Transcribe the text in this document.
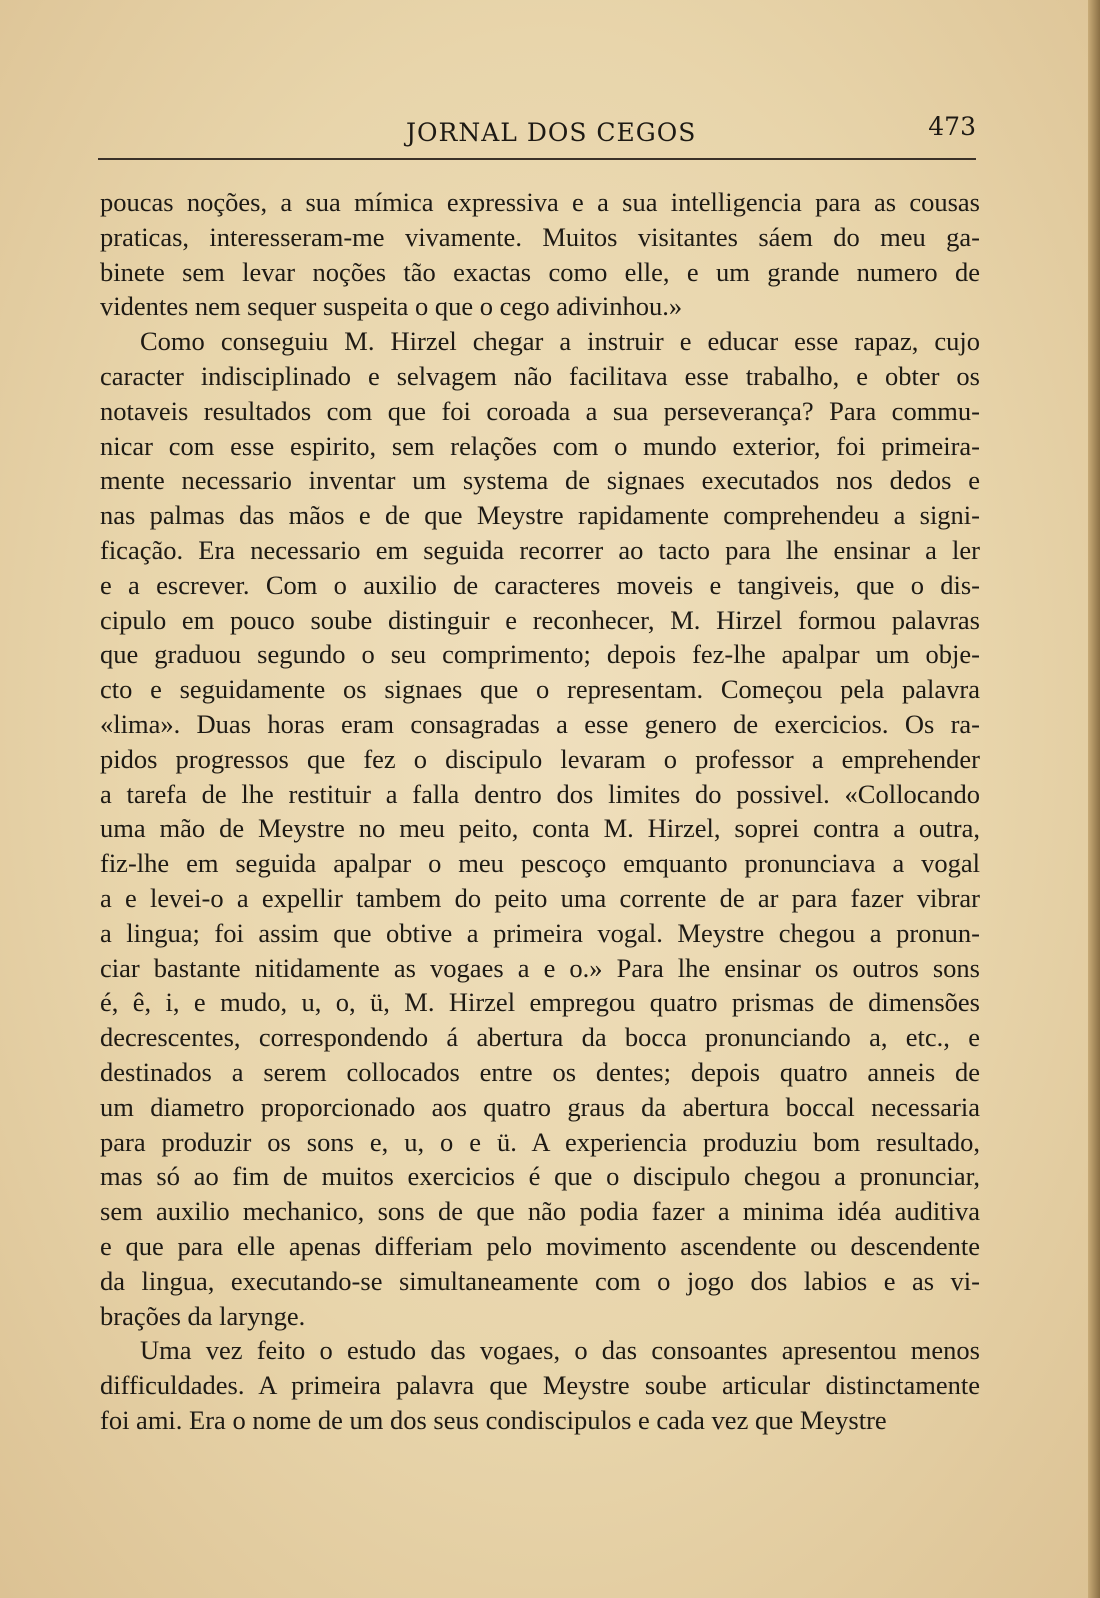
JORNAL DOS CEGOS	473
poucas noções, a sua mímica expressiva e a sua intelligencia para as cousas
praticas, interesseram-me vivamente. Muitos visitantes sáem do meu ga-
binete sem levar noções tão exactas como elle, e um grande numero de
videntes nem sequer suspeita o que o cego adivinhou.»
Como conseguiu M. Hirzel chegar a instruir e educar esse rapaz, cujo
caracter indisciplinado e selvagem não facilitava esse trabalho, e obter os
notaveis resultados com que foi coroada a sua perseverança? Para commu-
nicar com esse espirito, sem relações com o mundo exterior, foi primeira-
mente necessario inventar um systema de signaes executados nos dedos e
nas palmas das mãos e de que Meystre rapidamente comprehendeu a signi-
ficação. Era necessario em seguida recorrer ao tacto para lhe ensinar a ler
e a escrever. Com o auxilio de caracteres moveis e tangiveis, que o dis-
cipulo em pouco soube distinguir e reconhecer, M. Hirzel formou palavras
que graduou segundo o seu comprimento; depois fez-lhe apalpar um obje-
cto e seguidamente os signaes que o representam. Começou pela palavra
«lima». Duas horas eram consagradas a esse genero de exercicios. Os ra-
pidos progressos que fez o discipulo levaram o professor a emprehender
a tarefa de lhe restituir a falla dentro dos limites do possivel. «Collocando
uma mão de Meystre no meu peito, conta M. Hirzel, soprei contra a outra,
fiz-lhe em seguida apalpar o meu pescoço emquanto pronunciava a vogal
a e levei-o a expellir tambem do peito uma corrente de ar para fazer vibrar
a lingua; foi assim que obtive a primeira vogal. Meystre chegou a pronun-
ciar bastante nitidamente as vogaes a e o.» Para lhe ensinar os outros sons
é, ê, i, e mudo, u, o, ü, M. Hirzel empregou quatro prismas de dimensões
decrescentes, correspondendo á abertura da bocca pronunciando a, etc., e
destinados a serem collocados entre os dentes; depois quatro anneis de
um diametro proporcionado aos quatro graus da abertura boccal necessaria
para produzir os sons e, u, o e ü. A experiencia produziu bom resultado,
mas só ao fim de muitos exercicios é que o discipulo chegou a pronunciar,
sem auxilio mechanico, sons de que não podia fazer a minima idéa auditiva
e que para elle apenas differiam pelo movimento ascendente ou descendente
da lingua, executando-se simultaneamente com o jogo dos labios e as vi-
brações da larynge.
Uma vez feito o estudo das vogaes, o das consoantes apresentou menos
difficuldades. A primeira palavra que Meystre soube articular distinctamente
foi ami. Era o nome de um dos seus condiscipulos e cada vez que Meystre
